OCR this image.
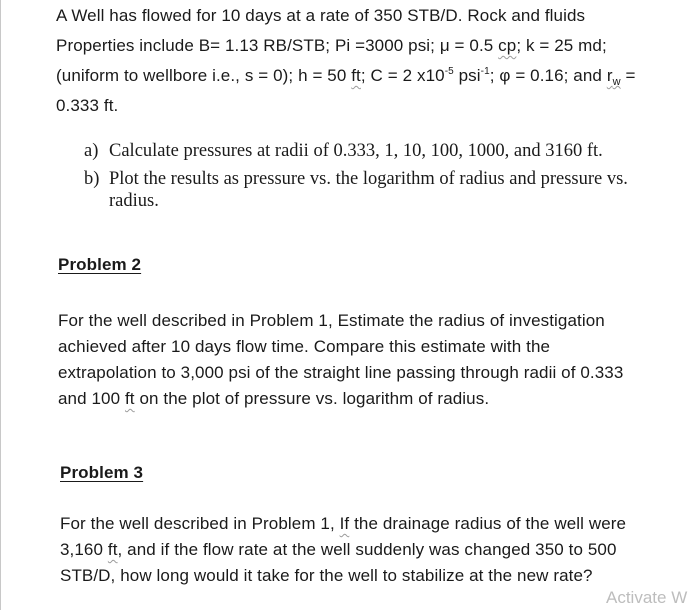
A Well has flowed for 10 days at a rate of 350 STB/D. Rock and fluids
Properties include B= 1.13 RB/STB; Pi =3000 psi; μ = 0.5 cp; k = 25 md;
(uniform to wellbore i.e., s = 0); h = 50 ft; C = 2 $x10^{-5}$ psi$^{-1}$; φ = 0.16; and $r_w$ =
0.333 ft.
a) Calculate pressures at radii of 0.333, 1, 10, 100, 1000, and 3160 ft.
b) Plot the results as pressure vs. the logarithm of radius and pressure vs.
radius.
Problem 2
For the well described in Problem 1, Estimate the radius of investigation
achieved after 10 days flow time. Compare this estimate with the
extrapolation to 3,000 psi of the straight line passing through radii of 0.333
and 100 ft on the plot of pressure vs. logarithm of radius.
Problem 3
For the well described in Problem 1, If the drainage radius of the well were
3,160 ft, and if the flow rate at the well suddenly was changed 350 to 500
STB/D, how long would it take for the well to stabilize at the new rate?
Activate W
